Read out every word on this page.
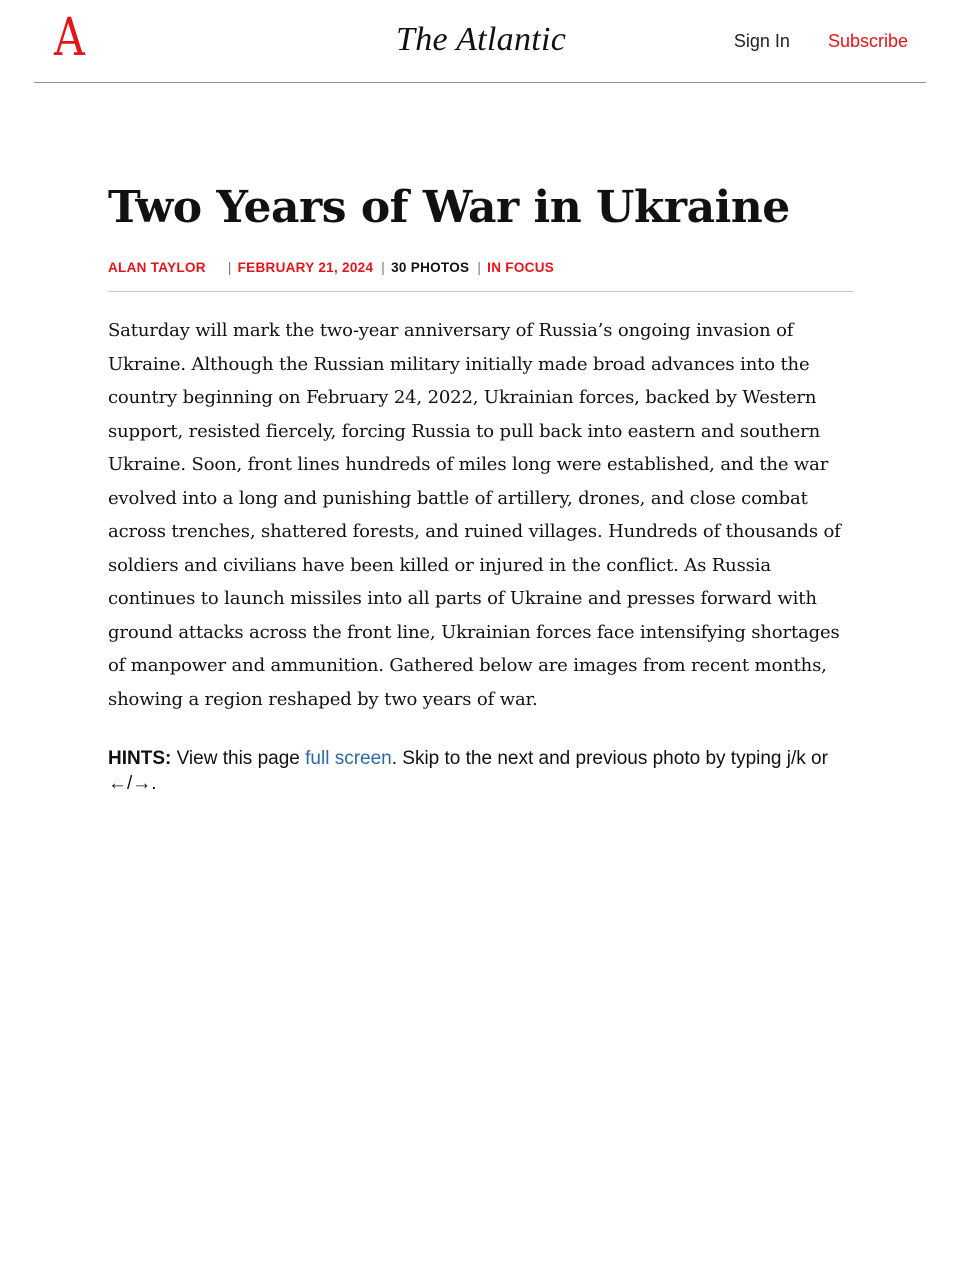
A	The Atlantic	Sign In Subscribe
Two Years of War in Ukraine
ALAN TAYLOR | FEBRUARY 21, 2024 | 30 PHOTOS | IN FOCUS

Saturday will mark the two-year anniversary of Russia’s ongoing invasion of Ukraine. Although the Russian military initially made broad advances into the country beginning on February 24, 2022, Ukrainian forces, backed by Western support, resisted fiercely, forcing Russia to pull back into eastern and southern Ukraine. Soon, front lines hundreds of miles long were established, and the war evolved into a long and punishing battle of artillery, drones, and close combat across trenches, shattered forests, and ruined villages. Hundreds of thousands of soldiers and civilians have been killed or injured in the conflict. As Russia continues to launch missiles into all parts of Ukraine and presses forward with ground attacks across the front line, Ukrainian forces face intensifying shortages of manpower and ammunition. Gathered below are images from recent months, showing a region reshaped by two years of war.

HINTS: View this page full screen. Skip to the next and previous photo by typing j/k or ←/→.
